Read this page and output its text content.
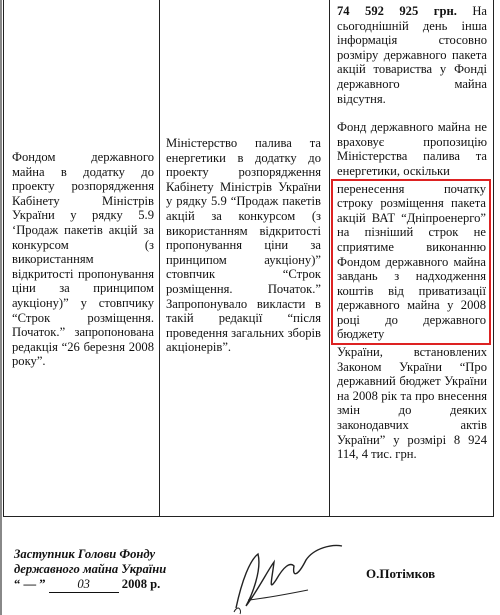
Фондом державного майна в додатку до проекту розпорядження Кабінету Міністрів України у рядку 5.9 ‘Продаж пакетів акцій за конкурсом (з використанням відкритості пропонування ціни за принципом аукціону)” у стовпчику “Строк розміщення. Початок.” запропонована редакція “26 березня 2008 року”.

Міністерство палива та енергетики в додатку до проекту розпорядження Кабінету Міністрів України у рядку 5.9 “Продаж пакетів акцій за конкурсом (з використанням відкритості пропонування ціни за принципом аукціону)” стовпчик “Строк розміщення. Початок.” Запропонувало викласти в такій редакції “після проведення загальних зборів акціонерів”.

74 592 925 грн. На сьогоднішній день інша інформація стосовно розміру державного пакета акцій товариства у Фонді державного майна відсутня.

Фонд державного майна не враховує пропозицію Міністерства палива та енергетики, оскільки

перенесення початку строку розміщення пакета акцій ВАТ “Дніпроенерго” на пізніший строк не сприятиме виконанню Фондом державного майна завдань з надходження коштів від приватизації державного майна у 2008 році до державного бюджету

України, встановлених Законом України “Про державний бюджет України на 2008 рік та про внесення змін до деяких законодавчих актів України” у розмірі 8 924 114, 4 тис. грн.

Заступник Голови Фонду
державного майна України
“ — ”	03	2008 р.
О.Потімков
